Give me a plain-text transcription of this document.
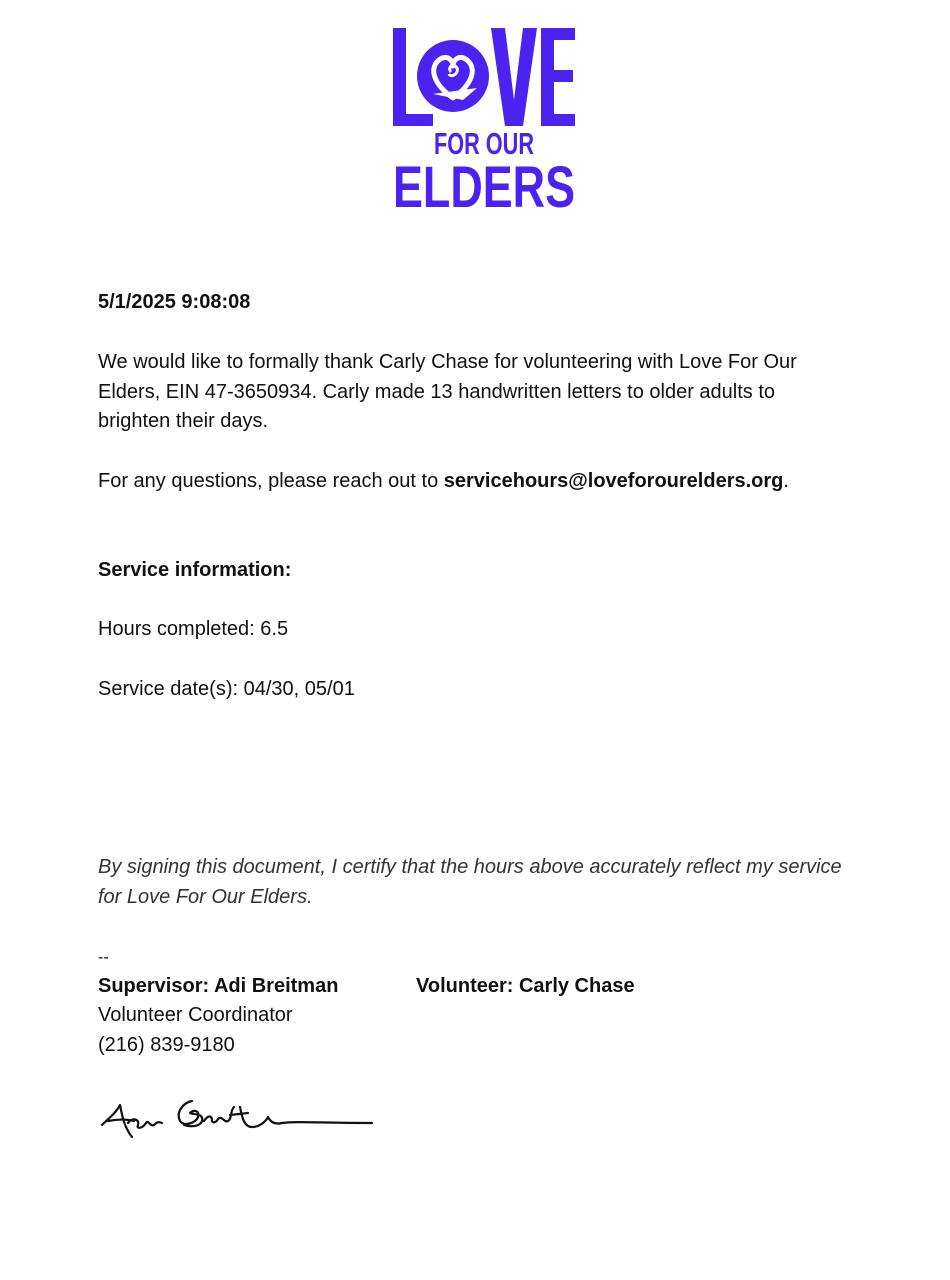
FOR OUR
ELDERS
5/1/2025 9:08:08
We would like to formally thank Carly Chase for volunteering with Love For Our Elders, EIN 47-3650934. Carly made 13 handwritten letters to older adults to brighten their days.
For any questions, please reach out to servicehours@loveforourelders.org.
Service information:
Hours completed: 6.5
Service date(s): 04/30, 05/01
By signing this document, I certify that the hours above accurately reflect my service for Love For Our Elders.
--
Supervisor: Adi Breitman	Volunteer: Carly Chase
Volunteer Coordinator
(216) 839-9180
